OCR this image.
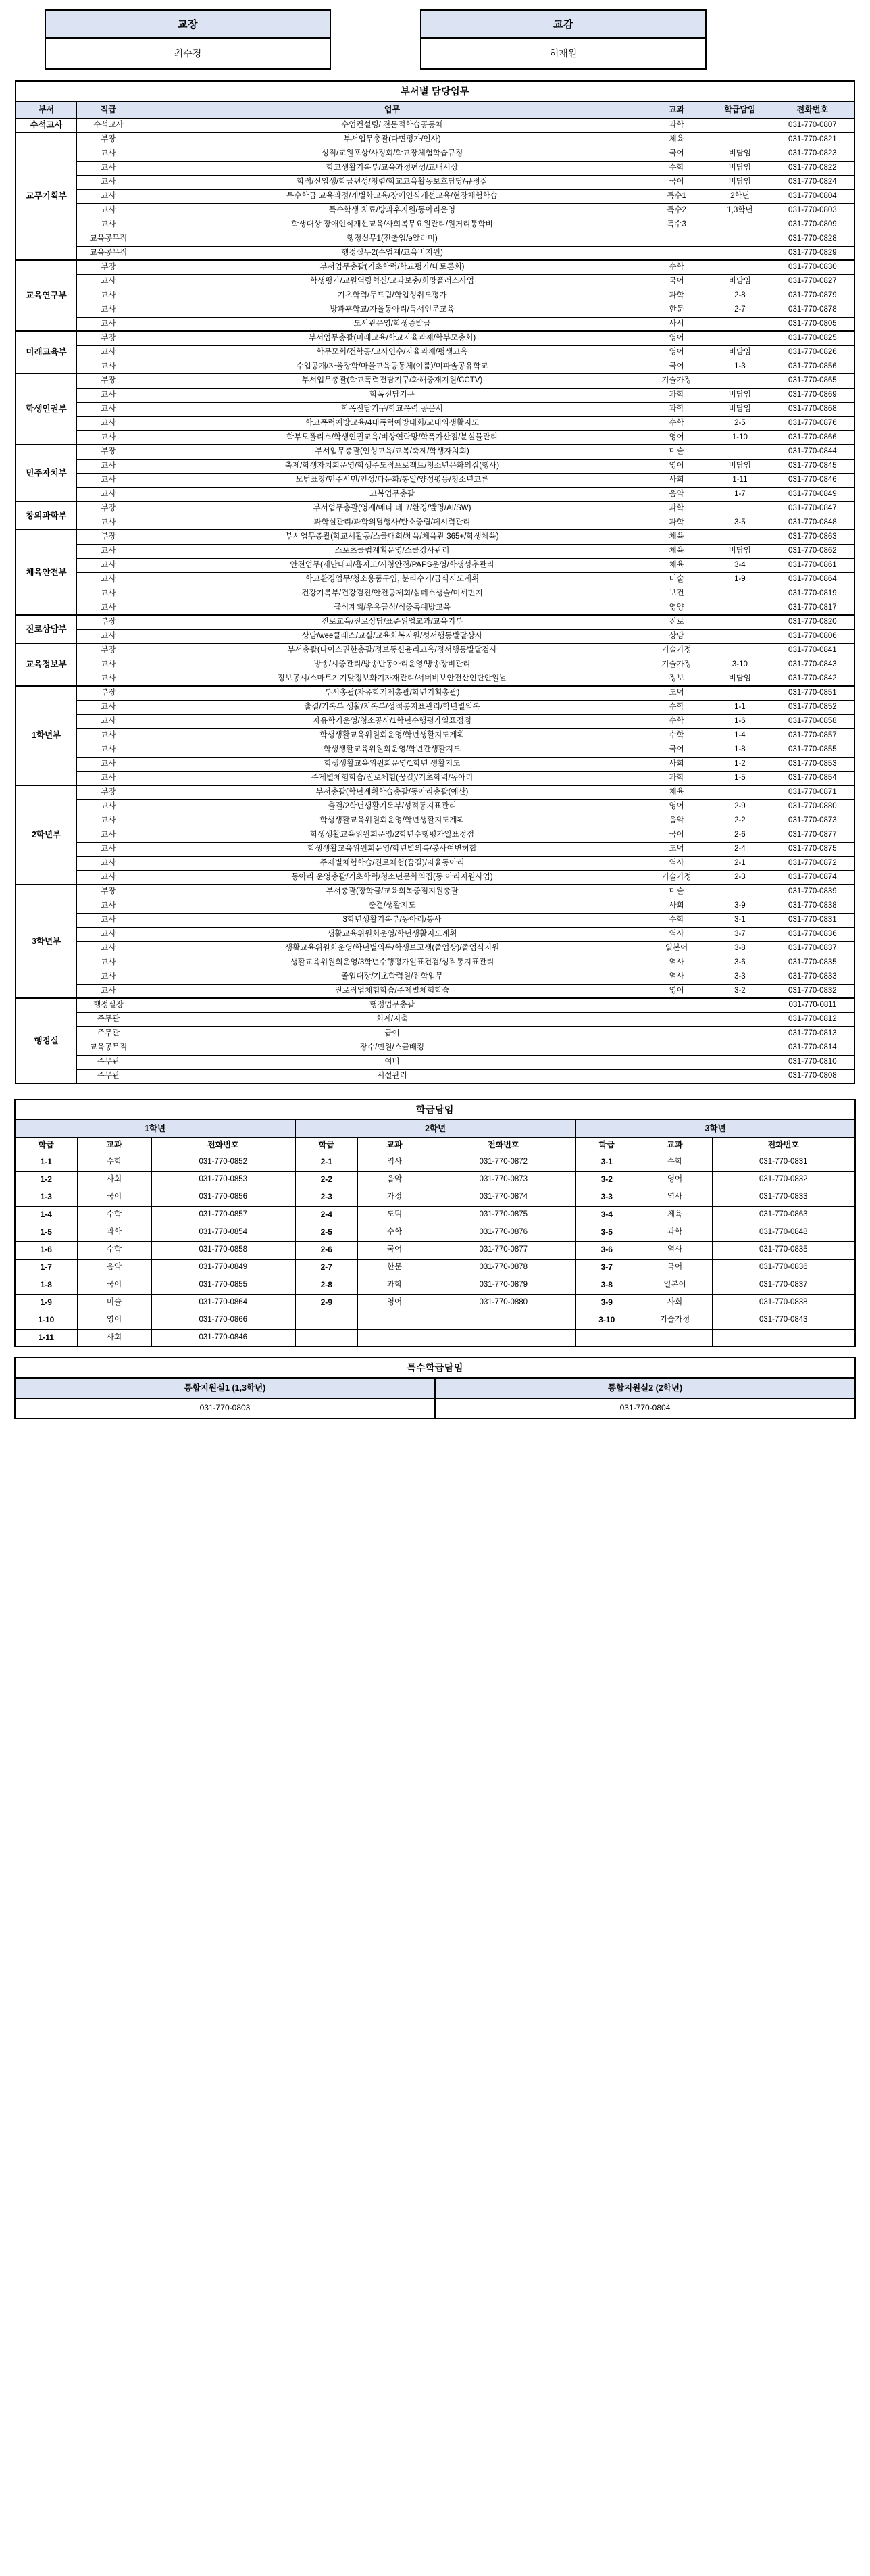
교장
최수경
교감
허재원
부서별 담당업무					
부서	직급	업무	교과	학급담임	전화번호
수석교사	수석교사	수업컨설팅/ 전문적학습공동체	과학		031-770-0807
교무기획부	부장	부서업무총괄(다면평가/인사)	체육		031-770-0821
	교사	성적/교원포상/사정회/학교장체험학습규정	국어	비담임	031-770-0823
	교사	학교생활기록부/교육과정편성/교내시상	수학	비담임	031-770-0822
	교사	학적/신입생/학급편성/청렴/학교교육활동보호담당/규정집	국어	비담임	031-770-0824
	교사	특수학급 교육과정/개별화교육/장애인식개선교육/현장체험학습	특수1	2학년	031-770-0804
	교사	특수학생 치료/방과후지원/동아리운영	특수2	1,3학년	031-770-0803
	교사	학생대상 장애인식개선교육/사회복무요원관리/원거리통학비	특수3		031-770-0809
	교육공무직	행정실무1(전출입/e알리미)			031-770-0828
	교육공무직	행정실무2(수업계/교육비지원)			031-770-0829
교육연구부	부장	부서업무총괄(기초학력/학교평가/대토론회)	수학		031-770-0830
	교사	학생평가/교원역량혁신/교과보충/희망플러스사업	국어	비담임	031-770-0827
	교사	기초학력/두드림/학업성취도평가	과학	2-8	031-770-0879
	교사	방과후학교/자율동아리/독서인문교육	한문	2-7	031-770-0878
	교사	도서관운영/학생증발급	사서		031-770-0805
미래교육부	부장	부서업무총괄(미래교육/학교자율과제/학부모총회)	영어		031-770-0825
	교사	학무모회/전학공/교사연수/자율과제/평생교육	영어	비담임	031-770-0826
	교사	수업공개/자율장학/마을교육공동체(이룸)/미파솔공유학교	국어	1-3	031-770-0856
학생인권부	부장	부서업무총괄(학교폭력전담기구/화해중재지원/CCTV)	기술가정		031-770-0865
	교사	학폭전담기구	과학	비담임	031-770-0869
	교사	학폭전담기구/학교폭력 공문서	과학	비담임	031-770-0868
	교사	학교폭력예방교육/4대폭력예방대회/교내외생활지도	수학	2-5	031-770-0876
	교사	학부모폴리스/학생인권교육/비상연락망/학폭가산점/분실물관리	영어	1-10	031-770-0866
민주자치부	부장	부서업무총괄(인성교육/교복/축제/학생자치회)	미술		031-770-0844
	교사	축제/학생자치회운영/학생주도적프로젝트/청소년문화의집(행사)	영어	비담임	031-770-0845
	교사	모범표창/민주시민/인성/다문화/통일/양성평등/청소년교류	사회	1-11	031-770-0846
	교사	교복업무총괄	음악	1-7	031-770-0849
창의과학부	부장	부서업무총괄(영재/메타 테크/환경/발명/AI/SW)	과학		031-770-0847
	교사	과학실관리/과학의달행사/탄소중립/페시력관리	과학	3-5	031-770-0848
체육안전부	부장	부서업무총괄(학교서활동/스클대회/체육/체육관 365+/학생체육)	체육		031-770-0863
	교사	스포츠클럽계획운영/스클강사관리	체육	비담임	031-770-0862
	교사	안전업무(재난대피/흡지도/시청안전/PAPS운영/학생성추관리	체육	3-4	031-770-0861
	교사	학교환경업무/청소용품구입, 분리수거/급식시도계획	미술	1-9	031-770-0864
	교사	건강기록부/건강검진/안전공제회/심폐소생술/미세먼지	보건		031-770-0819
	교사	급식계획/우유급식/식중독예방교육	영양		031-770-0817
진로상담부	부장	진로교육/진로상담/표준위업교과/교육기부	진로		031-770-0820
	교사	상담/wee클래스/교실/교육회복지원/성서행동발달상사	상담		031-770-0806
교육정보부	부장	부서총괄(나이스권한총괄/정보통신윤리교육/정서행동발달검사	기술가정		031-770-0841
	교사	방송/시중관리/방송반동아리운영/방송장비관리	기술가정	3-10	031-770-0843
	교사	정보공시/스마트기기맞정보화기자재관리/서버비보안전산인단안일날	정보	비담임	031-770-0842
1학년부	부장	부서총괄(자유학기제총괄/학년기획총괄)	도덕		031-770-0851
	교사	출결/기록부 생활/지록부/성적통지표관리/학년별의록	수학	1-1	031-770-0852
	교사	자유학기운영/청소공사/1학년수행평가일표정점	수학	1-6	031-770-0858
	교사	학생생활교육위원회운영/학년생활지도계획	수학	1-4	031-770-0857
	교사	학생생활교육위원회운영/학년간생활지도	국어	1-8	031-770-0855
	교사	학생생활교육위원회운영/1학년 생활지도	사회	1-2	031-770-0853
	교사	주제별체험학습/진로체험(꿈길)/기초학력/동아리	과학	1-5	031-770-0854
2학년부	부장	부서총괄(학년계획학습총괄/동아리총괄(예산)	체육		031-770-0871
	교사	출결/2학년생활기록부/성적통지표관리	영어	2-9	031-770-0880
	교사	학생생활교육위원회운영/학년생활지도계획	음악	2-2	031-770-0873
	교사	학생생활교육위원회운영/2학년수행평가일표정점	국어	2-6	031-770-0877
	교사	학생생활교육위원회운영/학년별의록/봉사여변허합	도덕	2-4	031-770-0875
	교사	주제별체험학습/진로체험(꿈길)/자율동아리	역사	2-1	031-770-0872
	교사	동아리 운영총괄/기초학력/청소년문화의집(동 아리지원사업)	기술가정	2-3	031-770-0874
3학년부	부장	부서총괄(장학금/교육회복중점지원총괄	미술		031-770-0839
	교사	출결/생활지도	사회	3-9	031-770-0838
	교사	3학년생활기록부/동아리/봉사	수학	3-1	031-770-0831
	교사	생활교육위원회운영/학년생활지도계획	역사	3-7	031-770-0836
	교사	생활교육위원회운영/학년별의록/학생보고생(졸업상)/졸업식지원	일본어	3-8	031-770-0837
	교사	생활교육위원회운영/3학년수행평가일표전검/성적통지표관리	역사	3-6	031-770-0835
	교사	졸업대장/기초학력원/진학업무	역사	3-3	031-770-0833
	교사	진로직업체험학습/주제별체험학습	영어	3-2	031-770-0832
행정실	행정실장	행정업무총괄			031-770-0811
	주무관	회계/지출			031-770-0812
	주무관	급여			031-770-0813
	교육공무직	장수/민원/스클배킹			031-770-0814
	주무관	여비			031-770-0810
	주무관	시설관리			031-770-0808
학급담임								
1학년			2학년			3학년		
학급	교과	전화번호	학급	교과	전화번호	학급	교과	전화번호
1-1	수학	031-770-0852	2-1	역사	031-770-0872	3-1	수학	031-770-0831
1-2	사회	031-770-0853	2-2	음악	031-770-0873	3-2	영어	031-770-0832
1-3	국어	031-770-0856	2-3	가정	031-770-0874	3-3	역사	031-770-0833
1-4	수학	031-770-0857	2-4	도덕	031-770-0875	3-4	체육	031-770-0863
1-5	과학	031-770-0854	2-5	수학	031-770-0876	3-5	과학	031-770-0848
1-6	수학	031-770-0858	2-6	국어	031-770-0877	3-6	역사	031-770-0835
1-7	음악	031-770-0849	2-7	한문	031-770-0878	3-7	국어	031-770-0836
1-8	국어	031-770-0855	2-8	과학	031-770-0879	3-8	일본어	031-770-0837
1-9	미술	031-770-0864	2-9	영어	031-770-0880	3-9	사회	031-770-0838
1-10	영어	031-770-0866				3-10	기술가정	031-770-0843
1-11	사회	031-770-0846						
특수학급담임	
통합지원실1 (1,3학년)	통합지원실2 (2학년)
031-770-0803	031-770-0804
